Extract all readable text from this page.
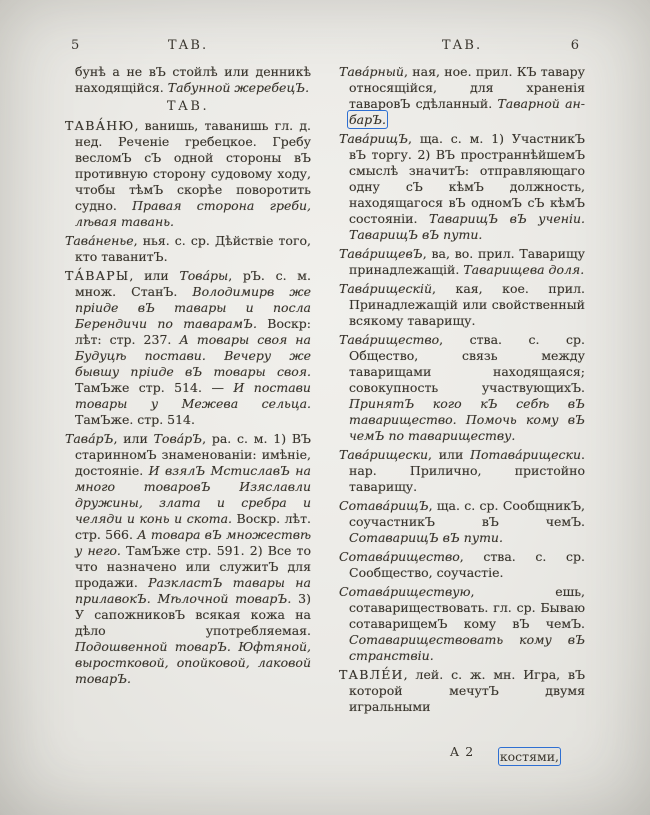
5	ТАВ.	ТАВ.	6

бунѣ а не вЪ стойлѣ или денникѣ находящійся. Табунной жеребецЪ.

ТАВ.

ТАВА́НЮ, ванишь, таванишь гл. д. нед. Реченіе гребецкое. Гребу весломЪ сЪ одной стороны вЪ противную сторону судовому ходу, чтобы тѣмЪ скорѣе поворотить судно. Правая сторона греби, лѣвая тавань.

Тава́ненье, нья. с. ср. Дѣйствіе того, кто таванитЪ.

ТА́ВАРЫ, или Това́ры, рЪ. с. м. множ. СтанЪ. Володимирв же пріиде вЪ тавары и посла Берендичи по таварамЪ. Воскр: лѣт: стр. 237. А товары своя на Будуцѣ постави. Вечеру же бывшу пріиде вЪ товары своя. ТамЪже стр. 514. — И постави товары у Межева сельца. ТамЪже. стр. 514.

Тава́рЪ, или Това́рЪ, ра. с. м. 1) ВЪ старинномЪ знаменованіи: имѣніе, достояніе. И взялЪ МстиславЪ на много товаровЪ Изяславли дружины, злата и сребра и челяди и конь и скота. Воскр. лѣт. стр. 566. А товара вЪ множествѣ у него. ТамЪже стр. 591. 2) Все то что назначено или служитЪ для продажи. РазкластЪ тавары на прилавокЪ. Мѣлочной товарЪ. 3) У сапожниковЪ всякая кожа на дѣло употребляемая. Подошвенной товарЪ. Юфтяной, выростковой, опойковой, лаковой товарЪ.

Тава́рный, ная, ное. прил. КЪ тавару относящійся, для храненія таваровЪ сдѣланный. Таварной ан-барЪ.

Тава́рищЪ, ща. с. м. 1) УчастникЪ вЪ торгу. 2) ВЪ пространнѣйшемЪ смыслѣ значитЪ: отправляющаго одну сЪ кѣмЪ должность, находящагося вЪ одномЪ сЪ кѣмЪ состояніи. ТаварищЪ вЪ ученіи. ТаварищЪ вЪ пути.

Тава́рищевЪ, ва, во. прил. Таварищу принадлежащій. Таварищева доля.

Тава́рищескій, кая, кое. прил. Принадлежащій или свойственный всякому таварищу.

Тава́рищество, ства. с. ср. Общество, связь между таварищами находящаяся; совокупность участвующихЪ. ПринятЪ кого кЪ себѣ вЪ таварищество. Помочь кому вЪ чемЪ по тавариществу.

Тава́рищески, или Потава́рищески. нар. Прилично, пристойно таварищу.

Сотава́рищЪ, ща. с. ср. СообщникЪ, соучастникЪ вЪ чемЪ. СотаварищЪ вЪ пути.

Сотава́рищество, ства. с. ср. Сообщество, соучастіе.

Сотава́риществую, ешь, сотавариществовать. гл. ср. Бываю сотаварищемЪ кому вЪ чемЪ. Сотавариществовать кому вЪ странствіи.

ТАВЛЕ́И, лей. с. ж. мн. Игра, вЪ которой мечутЪ двумя игральными

А 2	костями,
